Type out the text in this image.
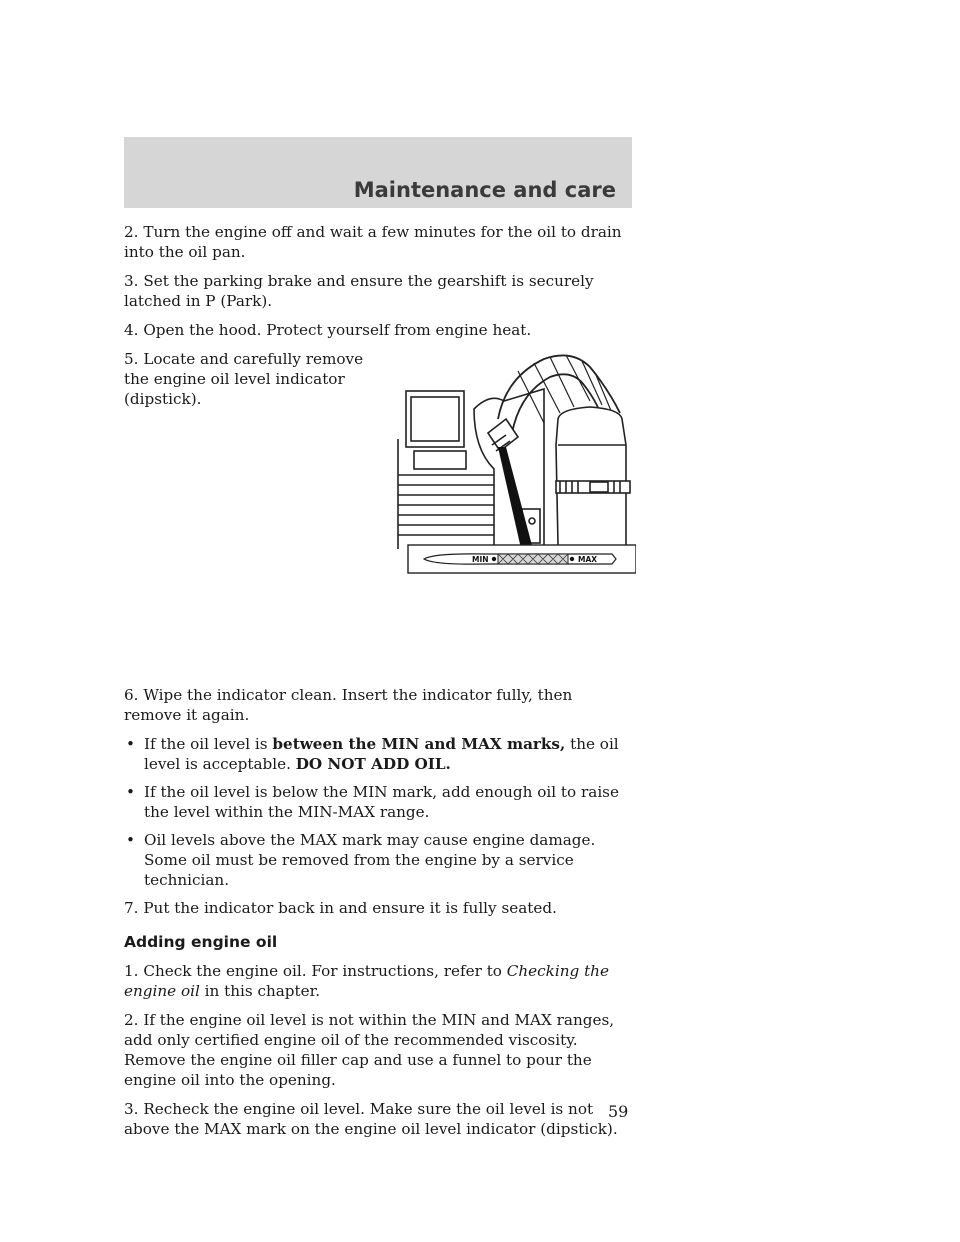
Maintenance and care

2. Turn the engine off and wait a few minutes for the oil to drain into the oil pan.

3. Set the parking brake and ensure the gearshift is securely latched in P (Park).

4. Open the hood. Protect yourself from engine heat.

5. Locate and carefully remove the engine oil level indicator (dipstick).

MIN	MAX

6. Wipe the indicator clean. Insert the indicator fully, then remove it again.

• If the oil level is between the MIN and MAX marks, the oil level is acceptable. DO NOT ADD OIL.
• If the oil level is below the MIN mark, add enough oil to raise the level within the MIN-MAX range.
• Oil levels above the MAX mark may cause engine damage. Some oil must be removed from the engine by a service technician.

7. Put the indicator back in and ensure it is fully seated.

Adding engine oil

1. Check the engine oil. For instructions, refer to Checking the engine oil in this chapter.

2. If the engine oil level is not within the MIN and MAX ranges, add only certified engine oil of the recommended viscosity. Remove the engine oil filler cap and use a funnel to pour the engine oil into the opening.

3. Recheck the engine oil level. Make sure the oil level is not above the MAX mark on the engine oil level indicator (dipstick).

59
